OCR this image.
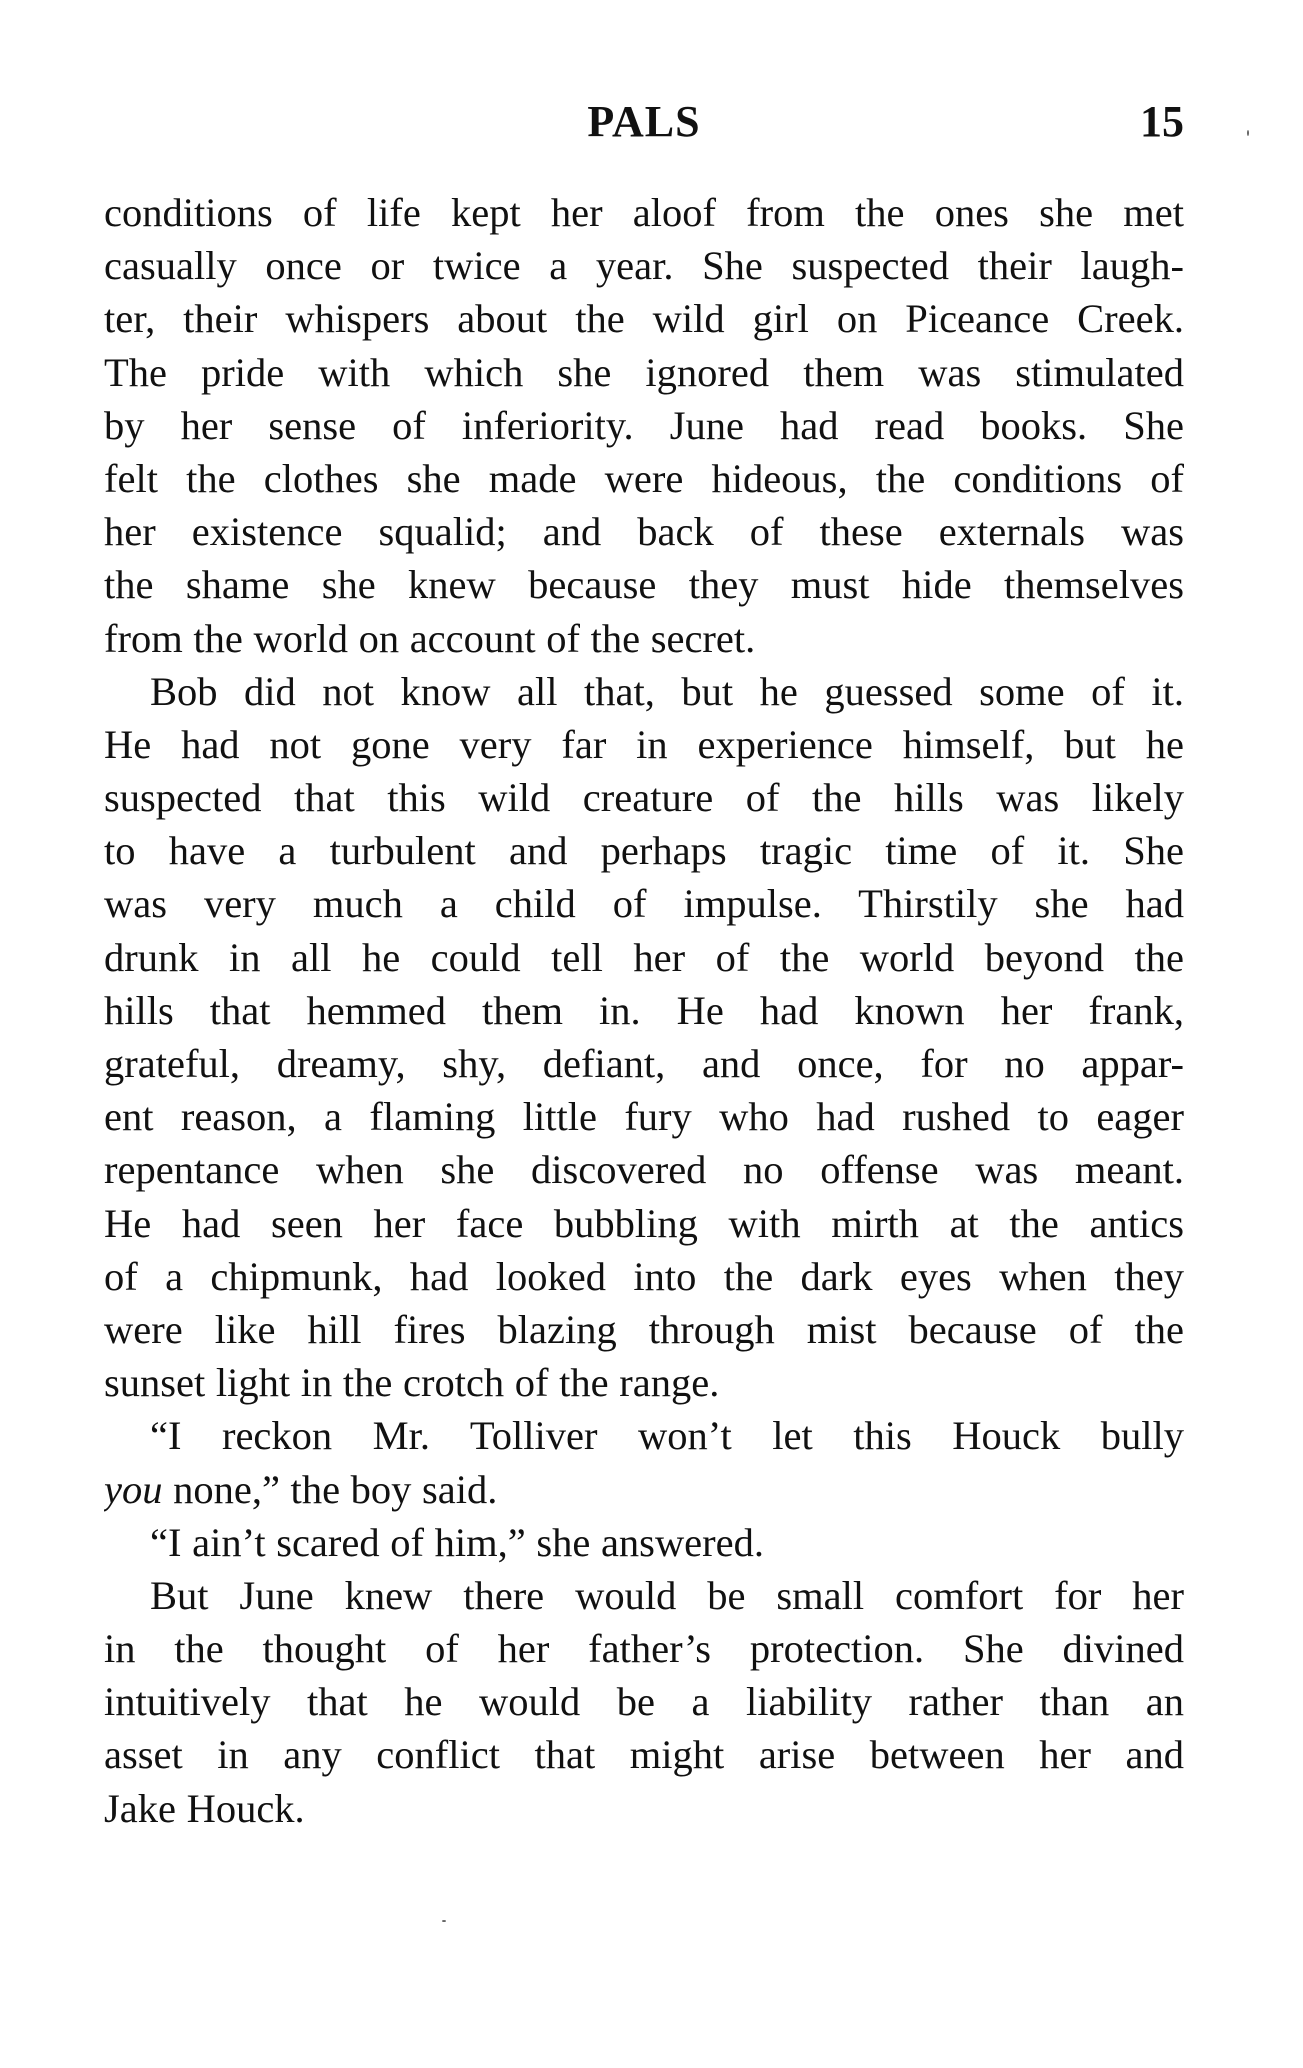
PALS	15
conditions of life kept her aloof from the ones she met
casually once or twice a year. She suspected their laugh-
ter, their whispers about the wild girl on Piceance Creek.
The pride with which she ignored them was stimulated
by her sense of inferiority. June had read books. She
felt the clothes she made were hideous, the conditions of
her existence squalid; and back of these externals was
the shame she knew because they must hide themselves
from the world on account of the secret.
Bob did not know all that, but he guessed some of it.
He had not gone very far in experience himself, but he
suspected that this wild creature of the hills was likely
to have a turbulent and perhaps tragic time of it. She
was very much a child of impulse. Thirstily she had
drunk in all he could tell her of the world beyond the
hills that hemmed them in. He had known her frank,
grateful, dreamy, shy, defiant, and once, for no appar-
ent reason, a flaming little fury who had rushed to eager
repentance when she discovered no offense was meant.
He had seen her face bubbling with mirth at the antics
of a chipmunk, had looked into the dark eyes when they
were like hill fires blazing through mist because of the
sunset light in the crotch of the range.
“I reckon Mr. Tolliver won’t let this Houck bully
you none,” the boy said.
“I ain’t scared of him,” she answered.
But June knew there would be small comfort for her
in the thought of her father’s protection. She divined
intuitively that he would be a liability rather than an
asset in any conflict that might arise between her and
Jake Houck.
